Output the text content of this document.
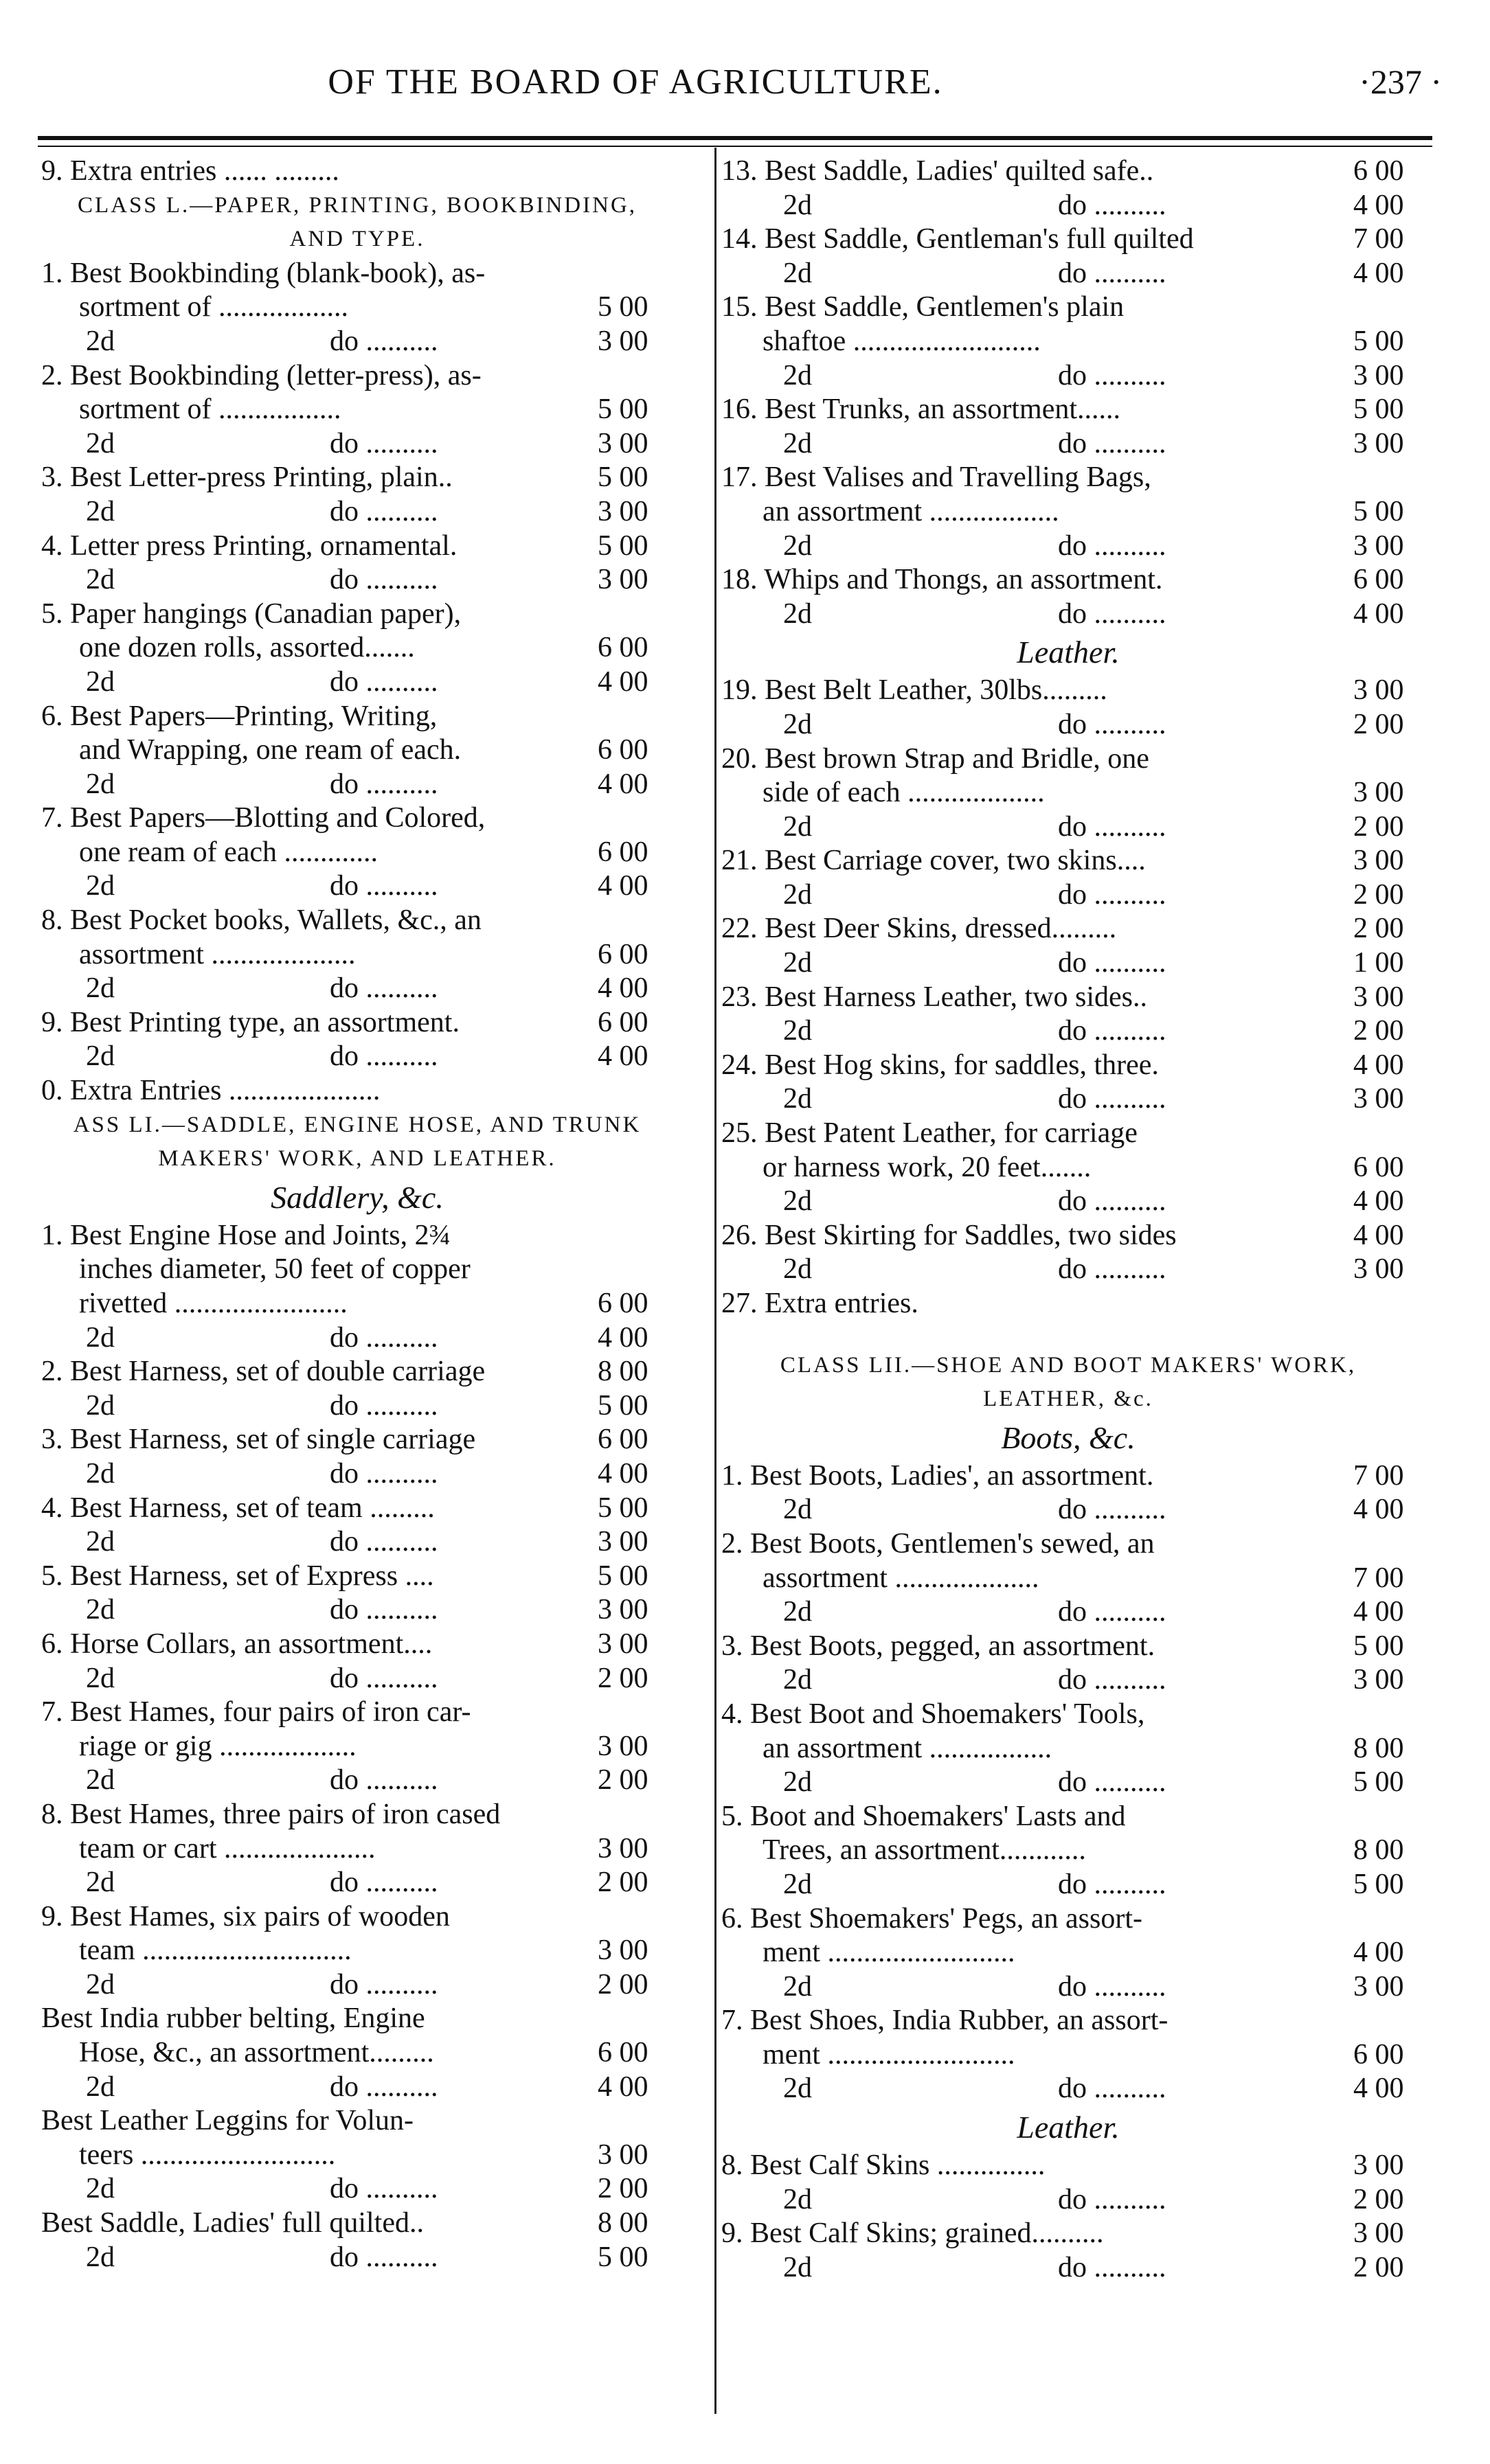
OF THE BOARD OF AGRICULTURE.	·237 ·
9. Extra entries ...... .........
CLASS L.—PAPER, PRINTING, BOOKBINDING,
AND TYPE.
1. Best Bookbinding (blank-book), as-
sortment of ..................	5 00
2d	do ..........	3 00
2. Best Bookbinding (letter-press), as-
sortment of .................	5 00
2d	do ..........	3 00
3. Best Letter-press Printing, plain..	5 00
2d	do ..........	3 00
4. Letter press Printing, ornamental.	5 00
2d	do ..........	3 00
5. Paper hangings (Canadian paper),
one dozen rolls, assorted.......	6 00
2d	do ..........	4 00
6. Best Papers—Printing, Writing,
and Wrapping, one ream of each.	6 00
2d	do ..........	4 00
7. Best Papers—Blotting and Colored,
one ream of each .............	6 00
2d	do ..........	4 00
8. Best Pocket books, Wallets, &c., an
assortment ....................	6 00
2d	do ..........	4 00
9. Best Printing type, an assortment.	6 00
2d	do ..........	4 00
0. Extra Entries .....................
ASS LI.—SADDLE, ENGINE HOSE, AND TRUNK
MAKERS' WORK, AND LEATHER.
Saddlery, &c.
1. Best Engine Hose and Joints, 2¾
inches diameter, 50 feet of copper
rivetted ........................	6 00
2d	do ..........	4 00
2. Best Harness, set of double carriage	8 00
2d	do ..........	5 00
3. Best Harness, set of single carriage	6 00
2d	do ..........	4 00
4. Best Harness, set of team .........	5 00
2d	do ..........	3 00
5. Best Harness, set of Express ....	5 00
2d	do ..........	3 00
6. Horse Collars, an assortment....	3 00
2d	do ..........	2 00
7. Best Hames, four pairs of iron car-
riage or gig ...................	3 00
2d	do ..........	2 00
8. Best Hames, three pairs of iron cased
team or cart .....................	3 00
2d	do ..........	2 00
9. Best Hames, six pairs of wooden
team .............................	3 00
2d	do ..........	2 00
Best India rubber belting, Engine
Hose, &c., an assortment.........	6 00
2d	do ..........	4 00
Best Leather Leggins for Volun-
teers ...........................	3 00
2d	do ..........	2 00
Best Saddle, Ladies' full quilted..	8 00
2d	do ..........	5 00
13. Best Saddle, Ladies' quilted safe..	6 00
2d	do ..........	4 00
14. Best Saddle, Gentleman's full quilted	7 00
2d	do ..........	4 00
15. Best Saddle, Gentlemen's plain
shaftoe ..........................	5 00
2d	do ..........	3 00
16. Best Trunks, an assortment......	5 00
2d	do ..........	3 00
17. Best Valises and Travelling Bags,
an assortment ..................	5 00
2d	do ..........	3 00
18. Whips and Thongs, an assortment.	6 00
2d	do ..........	4 00
Leather.
19. Best Belt Leather, 30lbs.........	3 00
2d	do ..........	2 00
20. Best brown Strap and Bridle, one
side of each ...................	3 00
2d	do ..........	2 00
21. Best Carriage cover, two skins....	3 00
2d	do ..........	2 00
22. Best Deer Skins, dressed.........	2 00
2d	do ..........	1 00
23. Best Harness Leather, two sides..	3 00
2d	do ..........	2 00
24. Best Hog skins, for saddles, three.	4 00
2d	do ..........	3 00
25. Best Patent Leather, for carriage
or harness work, 20 feet.......	6 00
2d	do ..........	4 00
26. Best Skirting for Saddles, two sides	4 00
2d	do ..........	3 00
27. Extra entries.
CLASS LII.—SHOE AND BOOT MAKERS' WORK,
LEATHER, &c.
Boots, &c.
1. Best Boots, Ladies', an assortment.	7 00
2d	do ..........	4 00
2. Best Boots, Gentlemen's sewed, an
assortment ....................	7 00
2d	do ..........	4 00
3. Best Boots, pegged, an assortment.	5 00
2d	do ..........	3 00
4. Best Boot and Shoemakers' Tools,
an assortment .................	8 00
2d	do ..........	5 00
5. Boot and Shoemakers' Lasts and
Trees, an assortment............	8 00
2d	do ..........	5 00
6. Best Shoemakers' Pegs, an assort-
ment ..........................	4 00
2d	do ..........	3 00
7. Best Shoes, India Rubber, an assort-
ment ..........................	6 00
2d	do ..........	4 00
Leather.
8. Best Calf Skins ...............	3 00
2d	do ..........	2 00
9. Best Calf Skins; grained..........	3 00
2d	do ..........	2 00
